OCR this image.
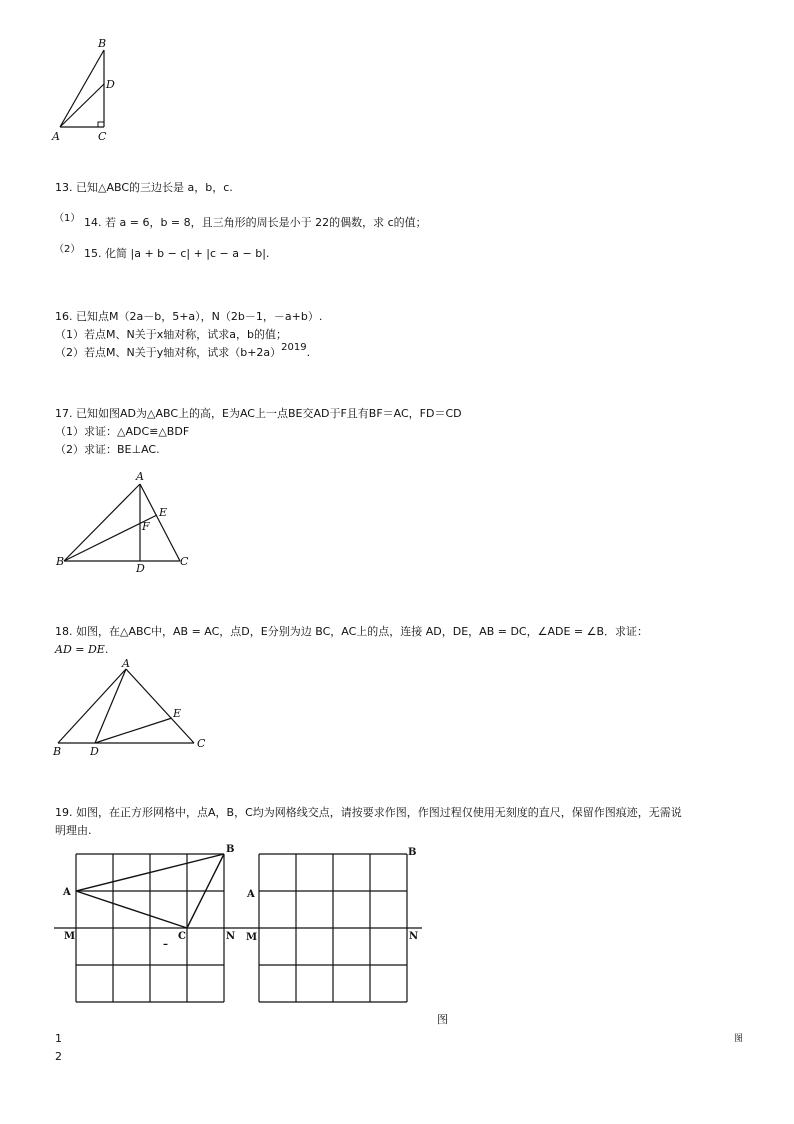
B
D
A	C
13. 已知△ABC的三边长是 a，b，c.
（1） 14. 若 a = 6，b = 8，且三角形的周长是小于 22的偶数，求 c的值；
（2） 15. 化简 |a + b − c| + |c − a − b|.
16. 已知点M（2a－b，5+a），N（2b－1，－a+b）.
（1）若点M、N关于x轴对称，试求a，b的值；
（2）若点M、N关于y轴对称，试求（b+2a）2019.
17. 已知如图AD为△ABC上的高，E为AC上一点BE交AD于F且有BF＝AC，FD＝CD
（1）求证：△ADC≌△BDF
（2）求证：BE⊥AC.
A
E
F
B
D
C
18. 如图，在△ABC中，AB = AC，点D，E分别为边 BC，AC上的点，连接 AD，DE，AB = DC，∠ADE = ∠B．求证：
AD = DE.
A
E
B	D
C
19. 如图，在正方形网格中，点A，B，C均为网格线交点，请按要求作图，作图过程仅使用无刻度的直尺，保留作图痕迹，无需说
明理由.
A
B
C
M	N
–
A
B
M	N
图
1
2
图
